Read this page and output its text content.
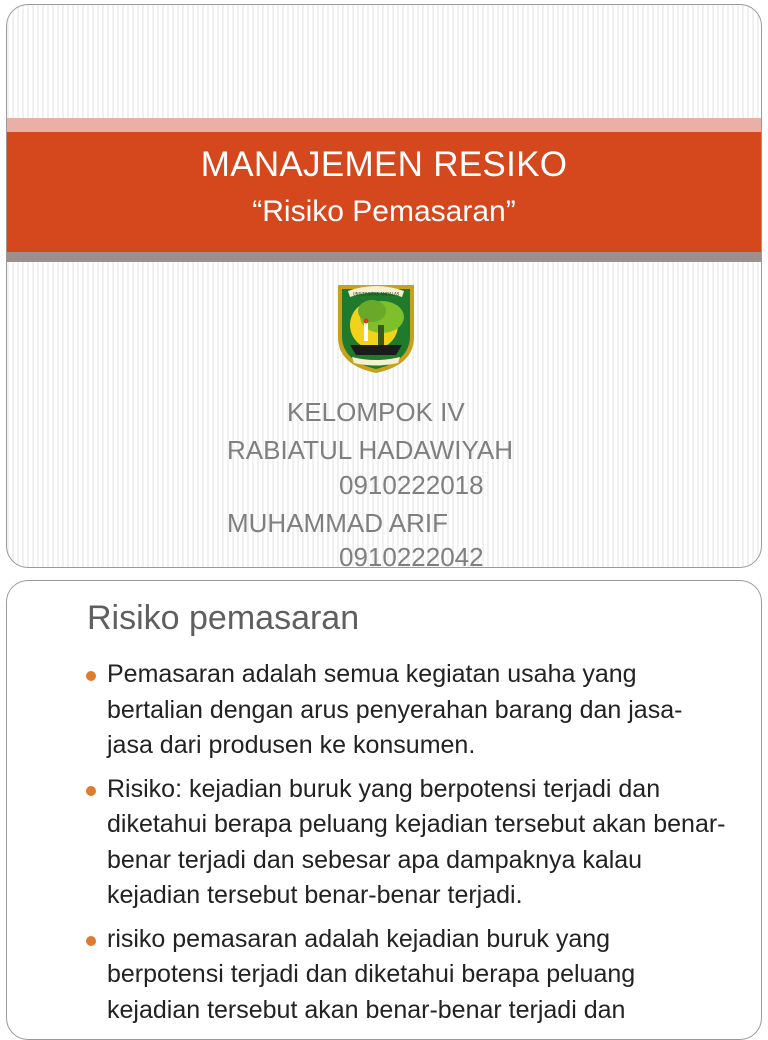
MANAJEMEN RESIKO
“Risiko Pemasaran”
UNIVERSITAS ANDALAS
KELOMPOK IV
RABIATUL HADAWIYAH
0910222018
MUHAMMAD ARIF
0910222042
Risiko pemasaran
Pemasaran adalah semua kegiatan usaha yang bertalian dengan arus penyerahan barang dan jasa-jasa dari produsen ke konsumen.
Risiko: kejadian buruk yang berpotensi terjadi dan diketahui berapa peluang kejadian tersebut akan benar-benar terjadi dan sebesar apa dampaknya kalau kejadian tersebut benar-benar terjadi.
risiko pemasaran adalah kejadian buruk yang berpotensi terjadi dan diketahui berapa peluang kejadian tersebut akan benar-benar terjadi dan
